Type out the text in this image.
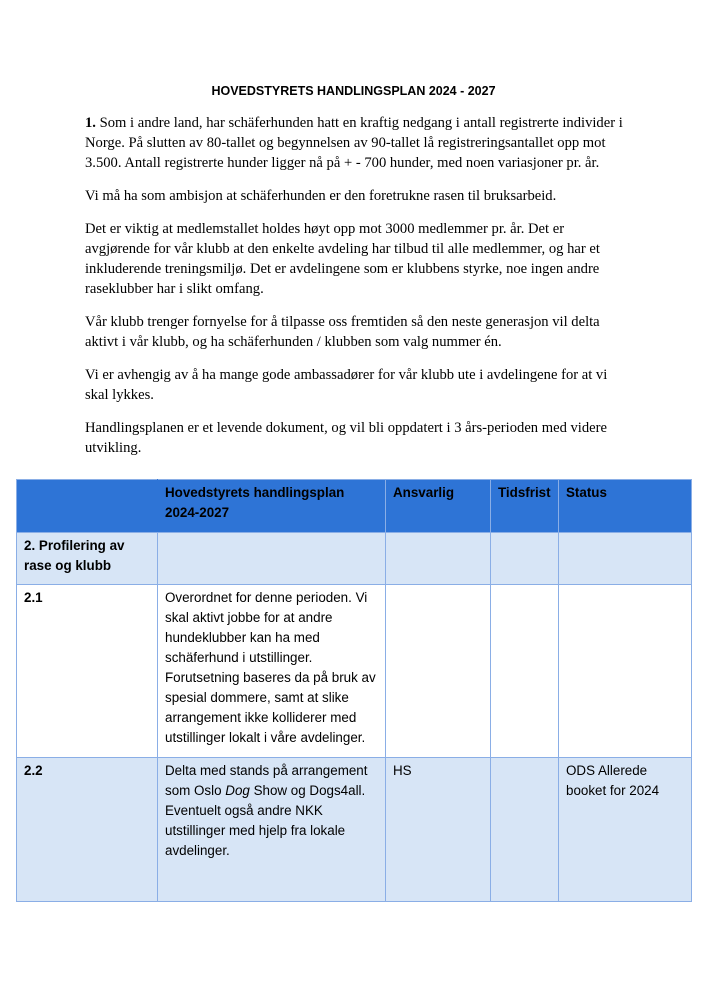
HOVEDSTYRETS HANDLINGSPLAN 2024 - 2027

1. Som i andre land, har schäferhunden hatt en kraftig nedgang i antall registrerte individer i Norge. På slutten av 80-tallet og begynnelsen av 90-tallet lå registreringsantallet opp mot 3.500. Antall registrerte hunder ligger nå på + - 700 hunder, med noen variasjoner pr. år.

Vi må ha som ambisjon at schäferhunden er den foretrukne rasen til bruksarbeid.

Det er viktig at medlemstallet holdes høyt opp mot 3000 medlemmer pr. år. Det er avgjørende for vår klubb at den enkelte avdeling har tilbud til alle medlemmer, og har et inkluderende treningsmiljø. Det er avdelingene som er klubbens styrke, noe ingen andre raseklubber har i slikt omfang.

Vår klubb trenger fornyelse for å tilpasse oss fremtiden så den neste generasjon vil delta aktivt i vår klubb, og ha schäferhunden / klubben som valg nummer én.

Vi er avhengig av å ha mange gode ambassadører for vår klubb ute i avdelingene for at vi skal lykkes.

Handlingsplanen er et levende dokument, og vil bli oppdatert i 3 års-perioden med videre utvikling.

	Hovedstyrets handlingsplan 2024-2027	Ansvarlig	Tidsfrist	Status
2. Profilering av rase og klubb				
2.1	Overordnet for denne perioden. Vi skal aktivt jobbe for at andre hundeklubber kan ha med schäferhund i utstillinger. Forutsetning baseres da på bruk av spesial dommere, samt at slike arrangement ikke kolliderer med utstillinger lokalt i våre avdelinger.			
2.2	Delta med stands på arrangement som Oslo Dog Show og Dogs4all. Eventuelt også andre NKK utstillinger med hjelp fra lokale avdelinger.	HS		ODS Allerede booket for 2024
